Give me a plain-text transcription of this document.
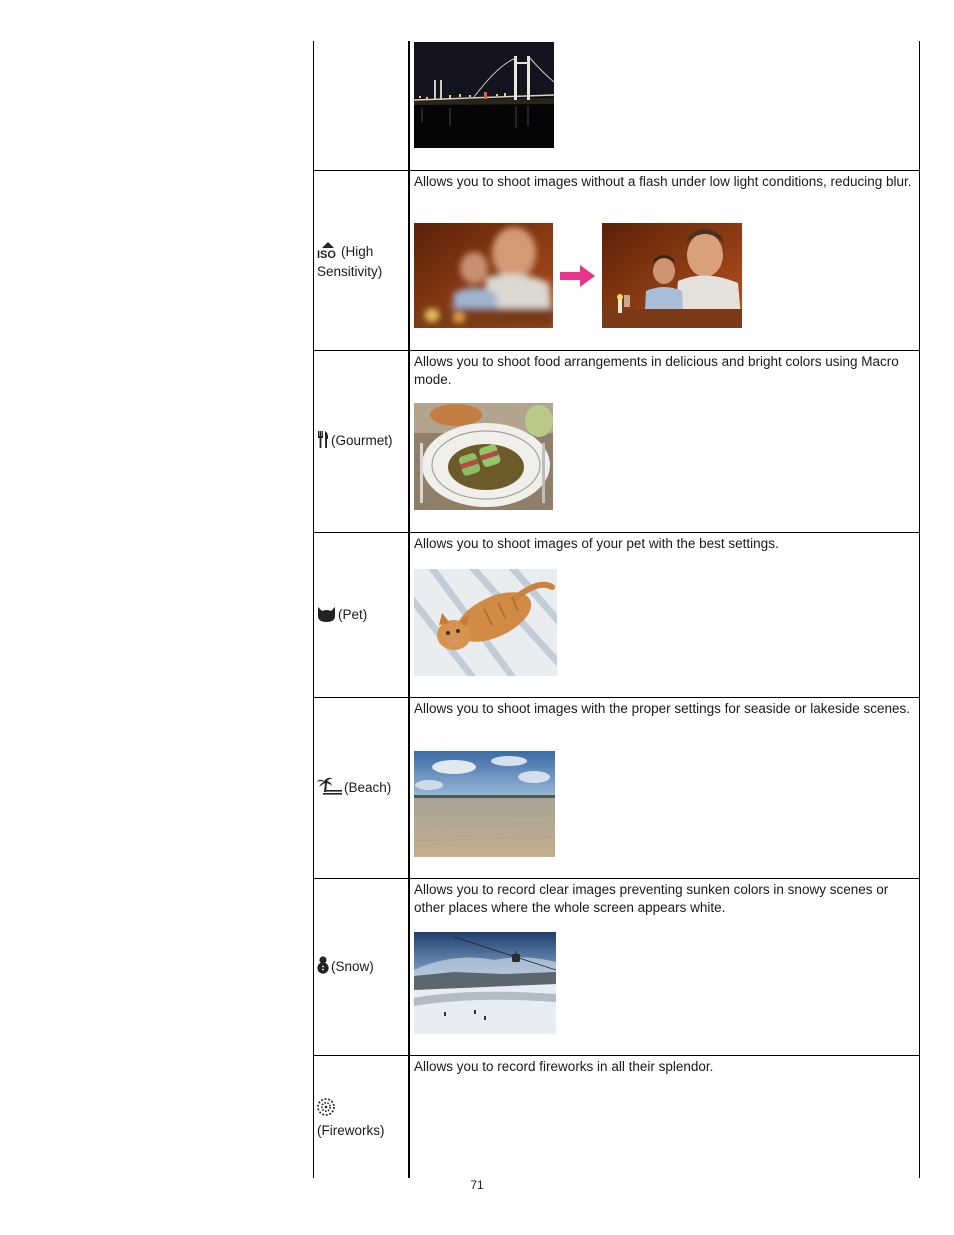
ISO (High Sensitivity)
Allows you to shoot images without a flash under low light conditions, reducing blur.
(Gourmet)
Allows you to shoot food arrangements in delicious and bright colors using Macro mode.
(Pet)
Allows you to shoot images of your pet with the best settings.
(Beach)
Allows you to shoot images with the proper settings for seaside or lakeside scenes.
(Snow)
Allows you to record clear images preventing sunken colors in snowy scenes or other places where the whole screen appears white.
(Fireworks)
Allows you to record fireworks in all their splendor.
71
